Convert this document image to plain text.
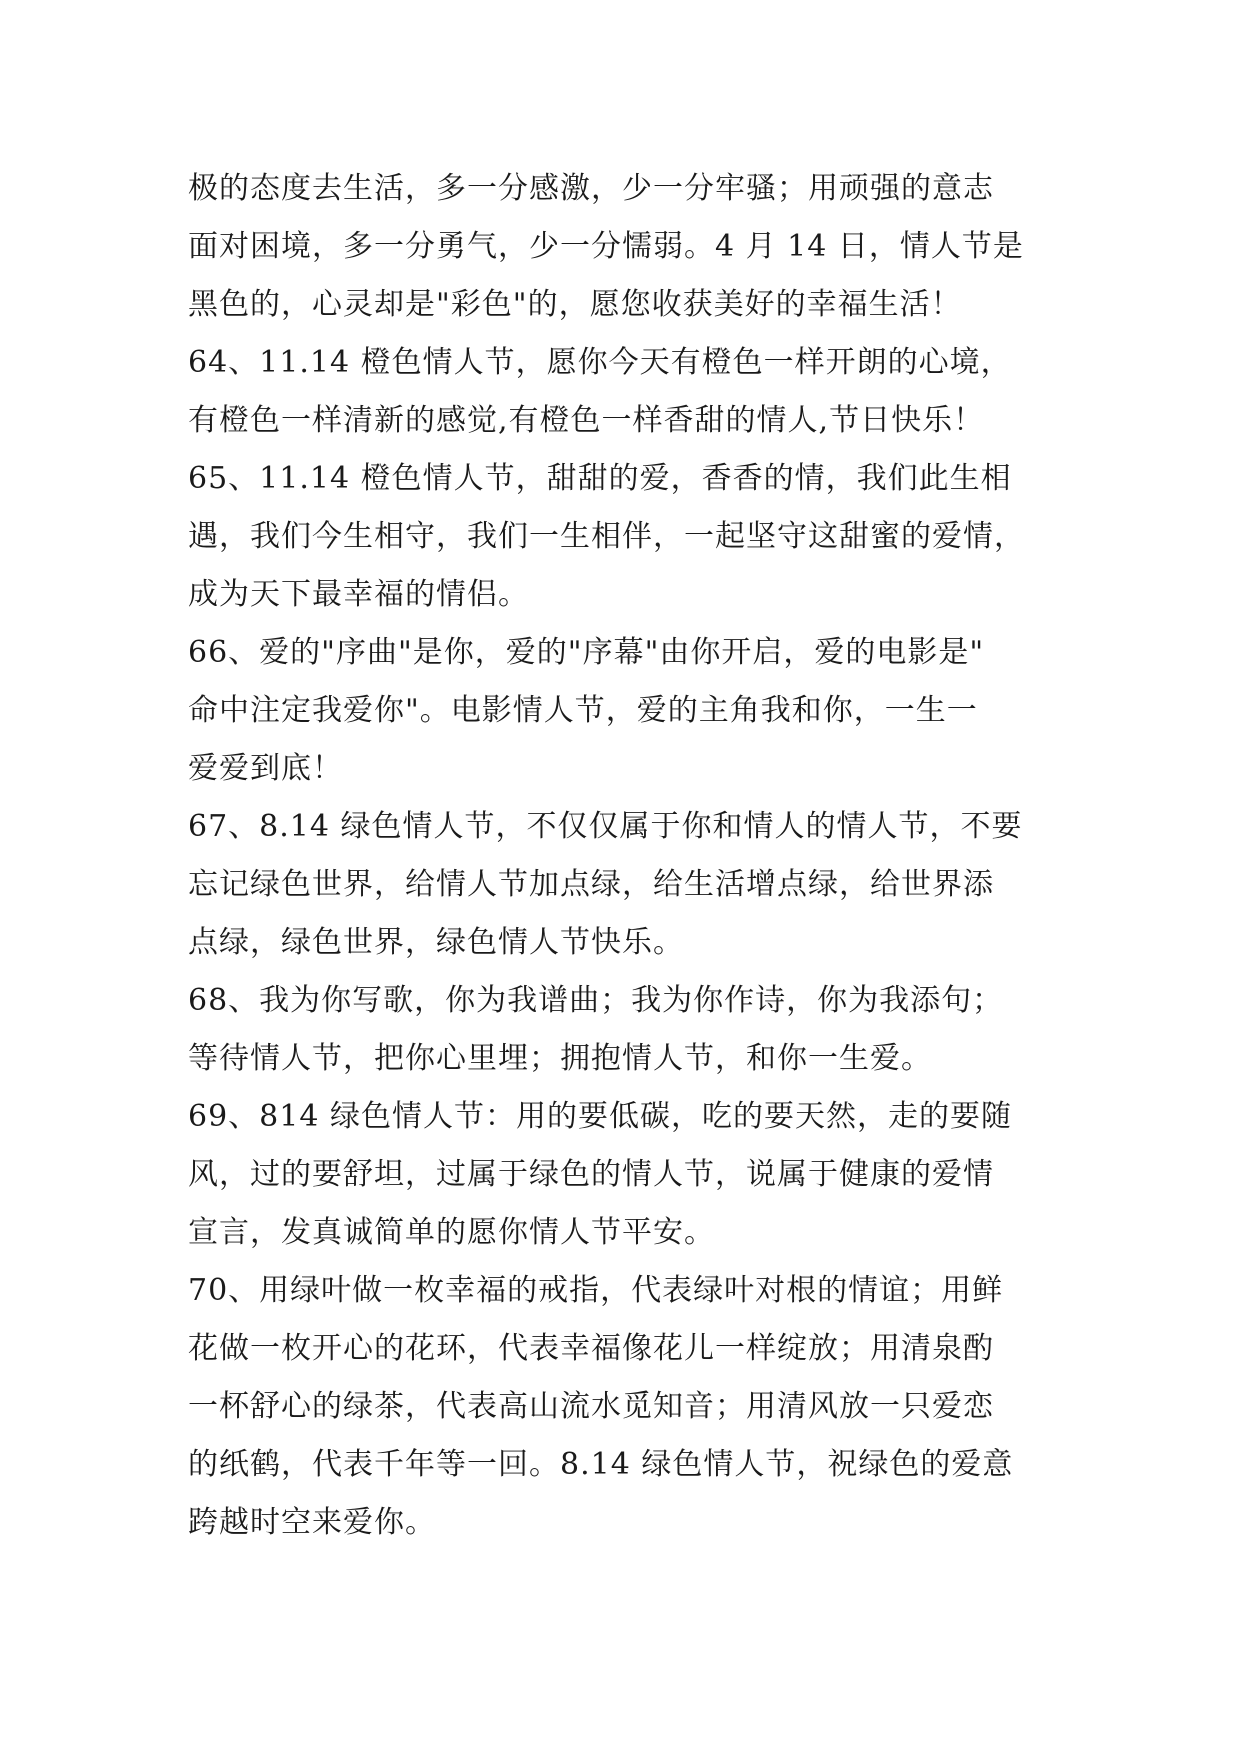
极的态度去生活，多一分感激，少一分牢骚；用顽强的意志
面对困境，多一分勇气，少一分懦弱。4 月 14 日，情人节是
黑色的，心灵却是"彩色"的，愿您收获美好的幸福生活！
64、11.14 橙色情人节，愿你今天有橙色一样开朗的心境，
有橙色一样清新的感觉,有橙色一样香甜的情人,节日快乐！
65、11.14 橙色情人节，甜甜的爱，香香的情，我们此生相
遇，我们今生相守，我们一生相伴，一起坚守这甜蜜的爱情，
成为天下最幸福的情侣。
66、爱的"序曲"是你，爱的"序幕"由你开启，爱的电影是"
命中注定我爱你"。电影情人节，爱的主角我和你，一生一
爱爱到底！
67、8.14 绿色情人节，不仅仅属于你和情人的情人节，不要
忘记绿色世界，给情人节加点绿，给生活增点绿，给世界添
点绿，绿色世界，绿色情人节快乐。
68、我为你写歌，你为我谱曲；我为你作诗，你为我添句；
等待情人节，把你心里埋；拥抱情人节，和你一生爱。
69、814 绿色情人节：用的要低碳，吃的要天然，走的要随
风，过的要舒坦，过属于绿色的情人节，说属于健康的爱情
宣言，发真诚简单的愿你情人节平安。
70、用绿叶做一枚幸福的戒指，代表绿叶对根的情谊；用鲜
花做一枚开心的花环，代表幸福像花儿一样绽放；用清泉酌
一杯舒心的绿茶，代表高山流水觅知音；用清风放一只爱恋
的纸鹤，代表千年等一回。8.14 绿色情人节，祝绿色的爱意
跨越时空来爱你。
